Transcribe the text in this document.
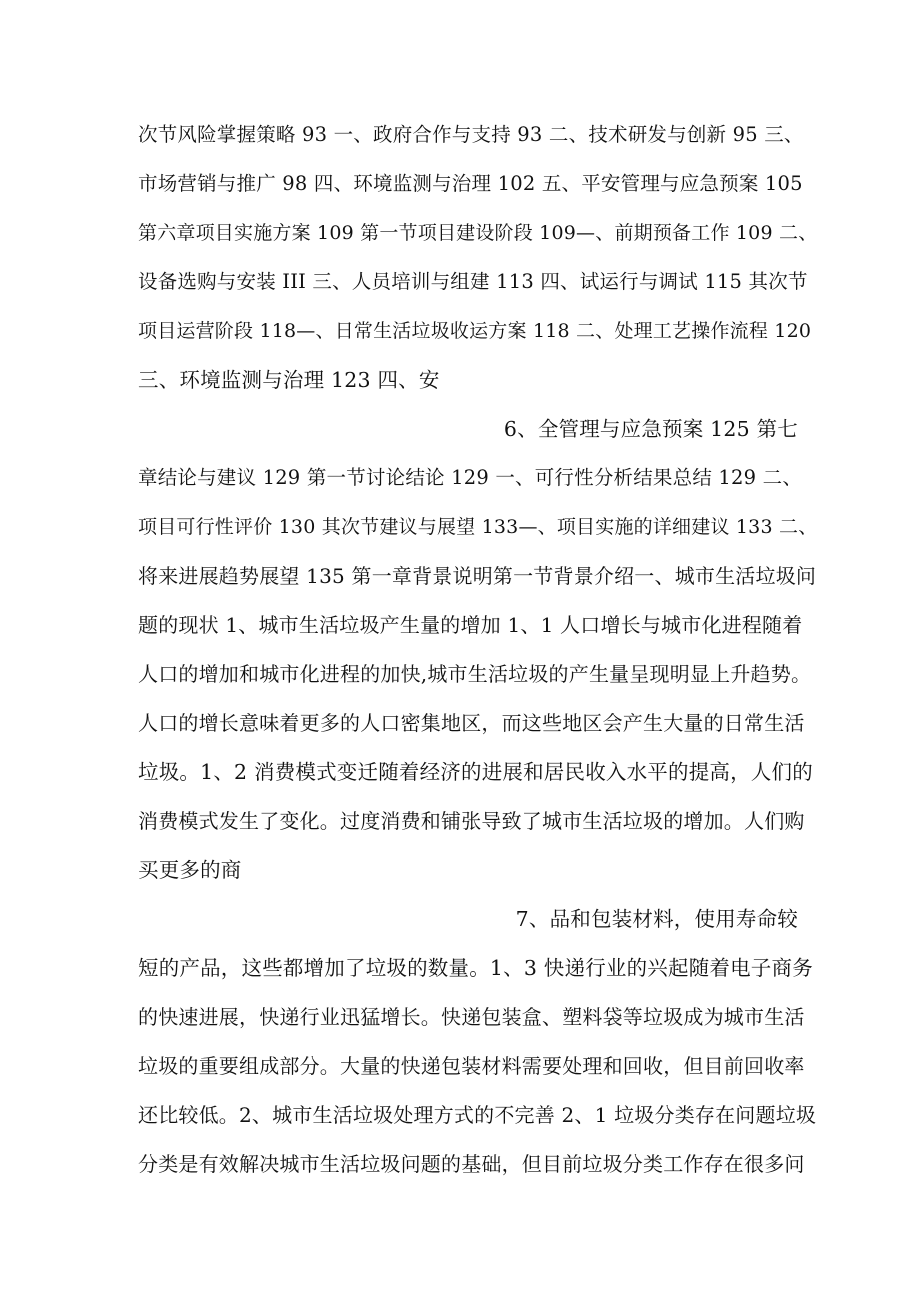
次节风险掌握策略 93 一、政府合作与支持 93 二、技术研发与创新 95 三、
市场营销与推广 98 四、环境监测与治理 102 五、平安管理与应急预案 105
第六章项目实施方案 109 第一节项目建设阶段 109—、前期预备工作 109 二、
设备选购与安装 III 三、人员培训与组建 113 四、试运行与调试 115 其次节
项目运营阶段 118—、日常生活垃圾收运方案 118 二、处理工艺操作流程 120
三、环境监测与治理 123 四、安
6、全管理与应急预案 125 第七
章结论与建议 129 第一节讨论结论 129 一、可行性分析结果总结 129 二、
项目可行性评价 130 其次节建议与展望 133—、项目实施的详细建议 133 二、
将来进展趋势展望 135 第一章背景说明第一节背景介绍一、城市生活垃圾问
题的现状 1、城市生活垃圾产生量的增加 1、1 人口增长与城市化进程随着
人口的增加和城市化进程的加快,城市生活垃圾的产生量呈现明显上升趋势。
人口的增长意味着更多的人口密集地区，而这些地区会产生大量的日常生活
垃圾。1、2 消费模式变迁随着经济的进展和居民收入水平的提高，人们的
消费模式发生了变化。过度消费和铺张导致了城市生活垃圾的增加。人们购
买更多的商
7、品和包装材料，使用寿命较
短的产品，这些都增加了垃圾的数量。1、3 快递行业的兴起随着电子商务
的快速进展，快递行业迅猛增长。快递包装盒、塑料袋等垃圾成为城市生活
垃圾的重要组成部分。大量的快递包装材料需要处理和回收，但目前回收率
还比较低。2、城市生活垃圾处理方式的不完善 2、1 垃圾分类存在问题垃圾
分类是有效解决城市生活垃圾问题的基础，但目前垃圾分类工作存在很多问
